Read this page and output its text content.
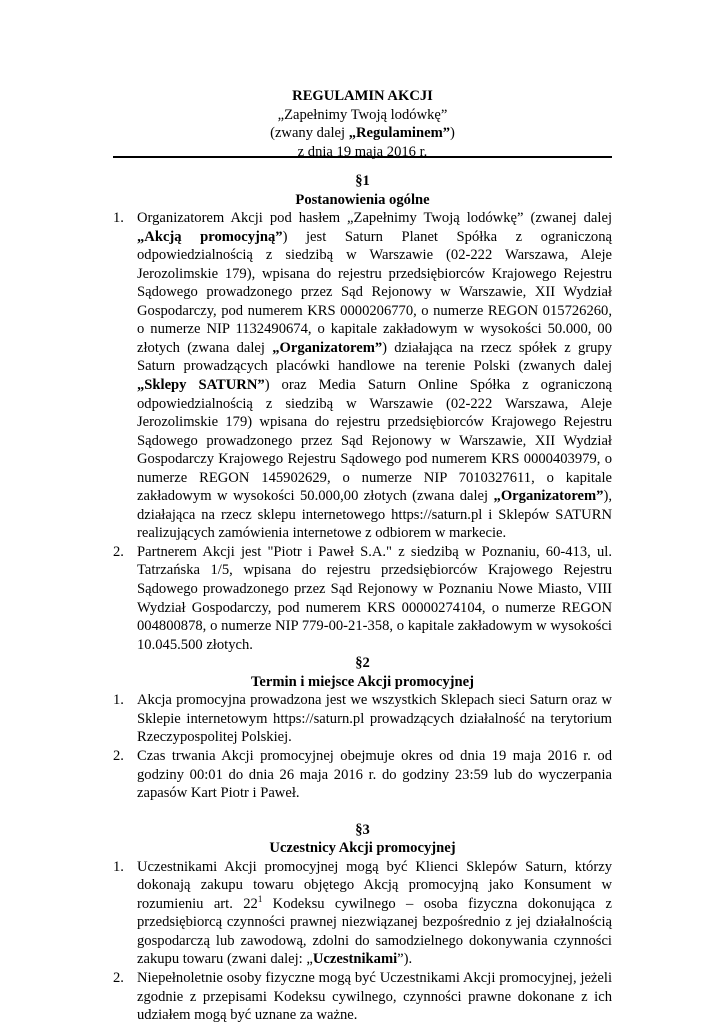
REGULAMIN AKCJI
„Zapełnimy Twoją lodówkę”
(zwany dalej „Regulaminem”)
z dnia 19 maja 2016 r.
§1
Postanowienia ogólne
1. Organizatorem Akcji pod hasłem „Zapełnimy Twoją lodówkę” (zwanej dalej „Akcją promocyjną”) jest Saturn Planet Spółka z ograniczoną odpowiedzialnością z siedzibą w Warszawie (02-222 Warszawa, Aleje Jerozolimskie 179), wpisana do rejestru przedsiębiorców Krajowego Rejestru Sądowego prowadzonego przez Sąd Rejonowy w Warszawie, XII Wydział Gospodarczy, pod numerem KRS 0000206770, o numerze REGON 015726260, o numerze NIP 1132490674, o kapitale zakładowym w wysokości 50.000, 00 złotych (zwana dalej „Organizatorem”) działająca na rzecz spółek z grupy Saturn prowadzących placówki handlowe na terenie Polski (zwanych dalej „Sklepy SATURN”) oraz Media Saturn Online Spółka z ograniczoną odpowiedzialnością z siedzibą w Warszawie (02-222 Warszawa, Aleje Jerozolimskie 179) wpisana do rejestru przedsiębiorców Krajowego Rejestru Sądowego prowadzonego przez Sąd Rejonowy w Warszawie, XII Wydział Gospodarczy Krajowego Rejestru Sądowego pod numerem KRS 0000403979, o numerze REGON 145902629, o numerze NIP 7010327611, o kapitale zakładowym w wysokości 50.000,00 złotych (zwana dalej „Organizatorem”), działająca na rzecz sklepu internetowego https://saturn.pl i Sklepów SATURN realizujących zamówienia internetowe z odbiorem w markecie.
2. Partnerem Akcji jest "Piotr i Paweł S.A." z siedzibą w Poznaniu, 60-413, ul. Tatrzańska 1/5, wpisana do rejestru przedsiębiorców Krajowego Rejestru Sądowego prowadzonego przez Sąd Rejonowy w Poznaniu Nowe Miasto, VIII Wydział Gospodarczy, pod numerem KRS 00000274104, o numerze REGON 004800878, o numerze NIP 779-00-21-358, o kapitale zakładowym w wysokości 10.045.500 złotych.
§2
Termin i miejsce Akcji promocyjnej
1. Akcja promocyjna prowadzona jest we wszystkich Sklepach sieci Saturn oraz w Sklepie internetowym https://saturn.pl prowadzących działalność na terytorium Rzeczypospolitej Polskiej.
2. Czas trwania Akcji promocyjnej obejmuje okres od dnia 19 maja 2016 r. od godziny 00:01 do dnia 26 maja 2016 r. do godziny 23:59 lub do wyczerpania zapasów Kart Piotr i Paweł.
§3
Uczestnicy Akcji promocyjnej
1. Uczestnikami Akcji promocyjnej mogą być Klienci Sklepów Saturn, którzy dokonają zakupu towaru objętego Akcją promocyjną jako Konsument w rozumieniu art. $22^1$ Kodeksu cywilnego – osoba fizyczna dokonująca z przedsiębiorcą czynności prawnej niezwiązanej bezpośrednio z jej działalnością gospodarczą lub zawodową, zdolni do samodzielnego dokonywania czynności zakupu towaru (zwani dalej: „Uczestnikami”).
2. Niepełnoletnie osoby fizyczne mogą być Uczestnikami Akcji promocyjnej, jeżeli zgodnie z przepisami Kodeksu cywilnego, czynności prawne dokonane z ich udziałem mogą być uznane za ważne.
